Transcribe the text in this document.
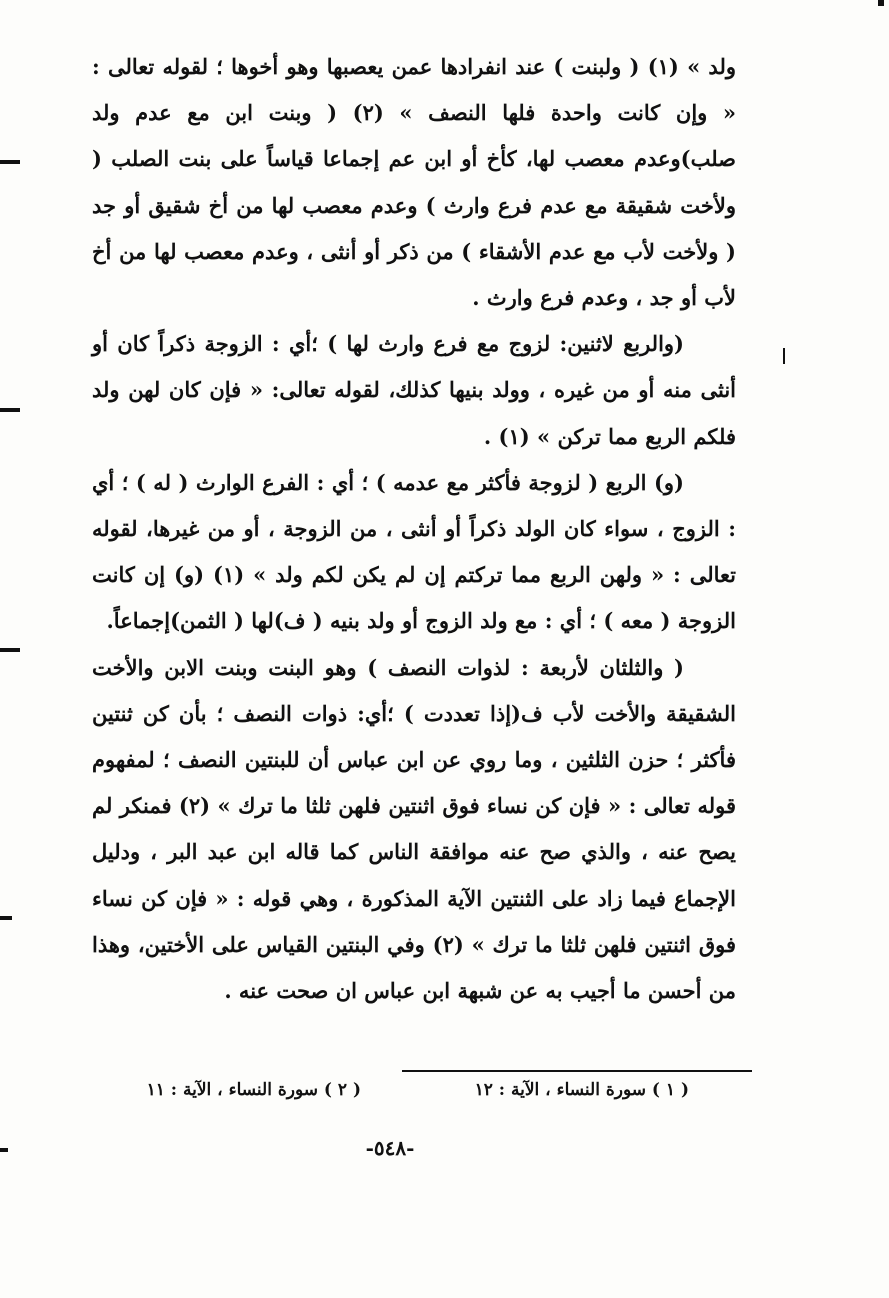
ولد » (١) ( ولبنت ) عند انفرادها عمن يعصبها وهو أخوها ؛ لقوله تعالى : « وإن كانت واحدة فلها النصف » (٢) ( وبنت ابن مع عدم ولد صلب)وعدم معصب لها، كأخ أو ابن عم إجماعا قياساً على بنت الصلب ( ولأخت شقيقة مع عدم فرع وارث ) وعدم معصب لها من أخ شقيق أو جد ( ولأخت لأب مع عدم الأشقاء ) من ذكر أو أنثى ، وعدم معصب لها من أخ لأب أو جد ، وعدم فرع وارث .

(والربع لاثنين: لزوج مع فرع وارث لها ) ؛أي : الزوجة ذكراً كان أو أنثى منه أو من غيره ، وولد بنيها كذلك، لقوله تعالى: « فإن كان لهن ولد فلكم الربع مما تركن » (١) .

(و) الربع ( لزوجة فأكثر مع عدمه ) ؛ أي : الفرع الوارث ( له ) ؛ أي : الزوج ، سواء كان الولد ذكراً أو أنثى ، من الزوجة ، أو من غيرها، لقوله تعالى : « ولهن الربع مما تركتم إن لم يكن لكم ولد » (١) (و) إن كانت الزوجة ( معه ) ؛ أي : مع ولد الزوج أو ولد بنيه ( ف)لها ( الثمن)إجماعاً.

( والثلثان لأربعة : لذوات النصف ) وهو البنت وبنت الابن والأخت الشقيقة والأخت لأب ف(إذا تعددت ) ؛أي: ذوات النصف ؛ بأن كن ثنتين فأكثر ؛ حزن الثلثين ، وما روي عن ابن عباس أن للبنتين النصف ؛ لمفهوم قوله تعالى : « فإن كن نساء فوق اثنتين فلهن ثلثا ما ترك » (٢) فمنكر لم يصح عنه ، والذي صح عنه موافقة الناس كما قاله ابن عبد البر ، ودليل الإجماع فيما زاد على الثنتين الآية المذكورة ، وهي قوله : « فإن كن نساء فوق اثنتين فلهن ثلثا ما ترك » (٢) وفي البنتين القياس على الأختين، وهذا من أحسن ما أجيب به عن شبهة ابن عباس ان صحت عنه .

( ١ ) سورة النساء ، الآية : ١٢
( ٢ ) سورة النساء ، الآية : ١١
-٥٤٨-
